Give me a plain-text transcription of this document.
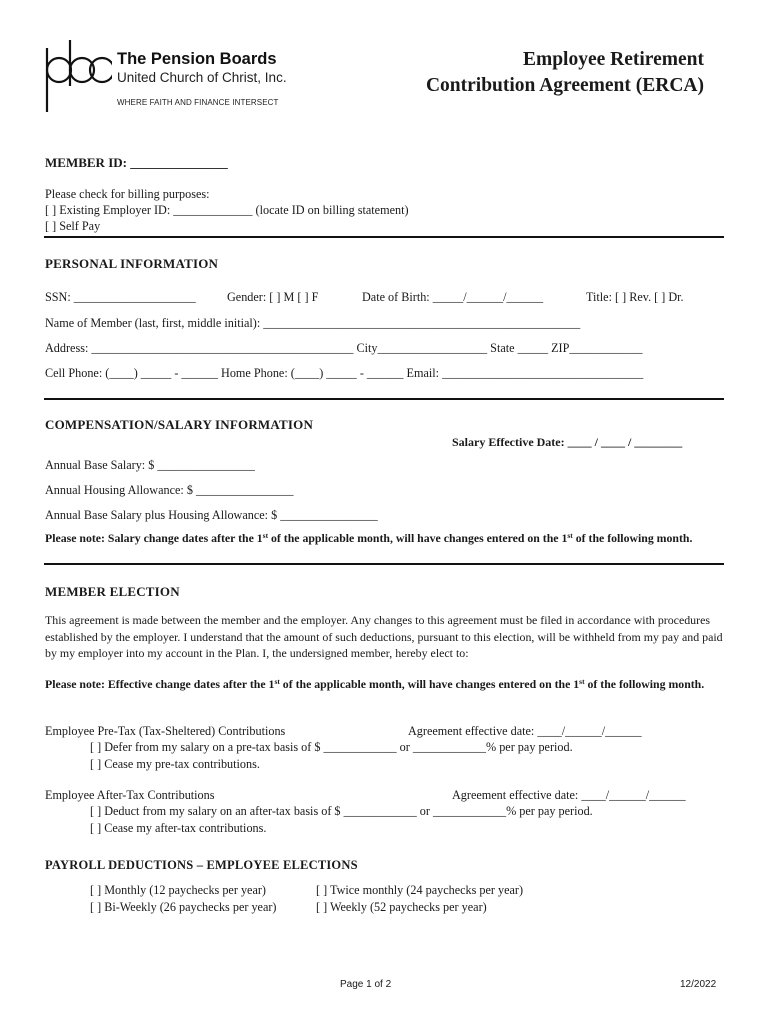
The Pension Boards
United Church of Christ, Inc.
WHERE FAITH AND FINANCE INTERSECT
Employee Retirement
Contribution Agreement (ERCA)
MEMBER ID: _______________
Please check for billing purposes:
[ ] Existing Employer ID: _____________ (locate ID on billing statement)
[ ] Self Pay
PERSONAL INFORMATION
SSN: ____________________	Gender: [ ] M [ ] F	Date of Birth: _____/______/______	Title: [ ] Rev. [ ] Dr.
Name of Member (last, first, middle initial): ____________________________________________________
Address: ___________________________________________ City__________________ State _____ ZIP____________
Cell Phone: (____) _____ - ______ Home Phone: (____) _____ - ______ Email: _________________________________
COMPENSATION/SALARY INFORMATION
Salary Effective Date: ____ / ____ / ________
Annual Base Salary: $ ________________
Annual Housing Allowance: $ ________________
Annual Base Salary plus Housing Allowance: $ ________________
Please note: Salary change dates after the 1st of the applicable month, will have changes entered on the 1st of the following month.
MEMBER ELECTION
This agreement is made between the member and the employer. Any changes to this agreement must be filed in accordance with procedures established by the employer. I understand that the amount of such deductions, pursuant to this election, will be withheld from my pay and paid by my employer into my account in the Plan. I, the undersigned member, hereby elect to:
Please note: Effective change dates after the 1st of the applicable month, will have changes entered on the 1st of the following month.
Employee Pre-Tax (Tax-Sheltered) Contributions	Agreement effective date: ____/______/______
[ ] Defer from my salary on a pre-tax basis of $ ____________ or ____________% per pay period.
[ ] Cease my pre-tax contributions.
Employee After-Tax Contributions	Agreement effective date: ____/______/______
[ ] Deduct from my salary on an after-tax basis of $ ____________ or ____________% per pay period.
[ ] Cease my after-tax contributions.
PAYROLL DEDUCTIONS – EMPLOYEE ELECTIONS
[ ] Monthly (12 paychecks per year)
[ ] Bi-Weekly (26 paychecks per year)
[ ] Twice monthly (24 paychecks per year)
[ ] Weekly (52 paychecks per year)
Page 1 of 2	12/2022
